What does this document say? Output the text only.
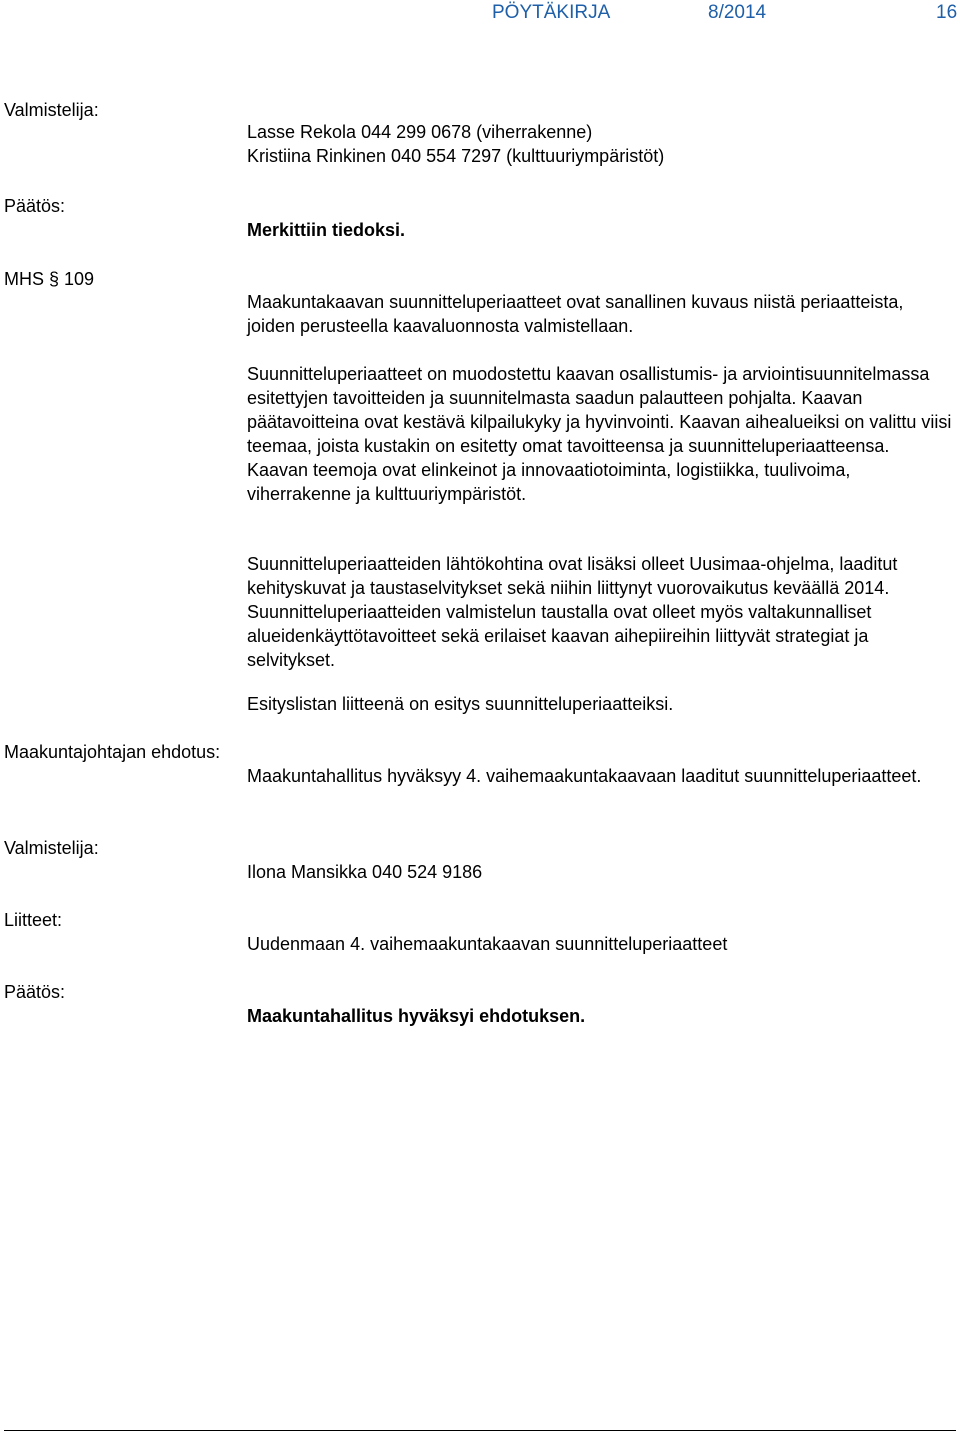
PÖYTÄKIRJA	8/2014	16
Valmistelija:
Päätös:
MHS § 109
Maakuntajohtajan ehdotus:
Valmistelija:
Liitteet:
Päätös:

Lasse Rekola 044 299 0678 (viherrakenne)

Kristiina Rinkinen 040 554 7297 (kulttuuriympäristöt)

Merkittiin tiedoksi.
Maakuntakaavan suunnitteluperiaatteet ovat sanallinen kuvaus niistä periaatteista, joiden perusteella kaavaluonnosta valmistellaan.
Suunnitteluperiaatteet on muodostettu kaavan osallistumis- ja arviointisuunnitelmassa esitettyjen tavoitteiden ja suunnitelmasta saadun palautteen pohjalta. Kaavan päätavoitteina ovat kestävä kilpailukyky ja hyvinvointi. Kaavan aihealueiksi on valittu viisi teemaa, joista kustakin on esitetty omat tavoitteensa ja suunnitteluperiaatteensa. Kaavan teemoja ovat elinkeinot ja innovaatiotoiminta, logistiikka, tuulivoima, viherrakenne ja kulttuuriympäristöt.
Suunnitteluperiaatteiden lähtökohtina ovat lisäksi olleet Uusimaa-ohjelma, laaditut kehityskuvat ja taustaselvitykset sekä niihin liittynyt vuorovaikutus keväällä 2014. Suunnitteluperiaatteiden valmistelun taustalla ovat olleet myös valtakunnalliset alueidenkäyttötavoitteet sekä erilaiset kaavan aihepiireihin liittyvät strategiat ja selvitykset.
Esityslistan liitteenä on esitys suunnitteluperiaatteiksi.
Maakuntahallitus hyväksyy 4. vaihemaakuntakaavaan laaditut suunnitteluperiaatteet.
Ilona Mansikka 040 524 9186
Uudenmaan 4. vaihemaakuntakaavan suunnitteluperiaatteet
Maakuntahallitus hyväksyi ehdotuksen.
